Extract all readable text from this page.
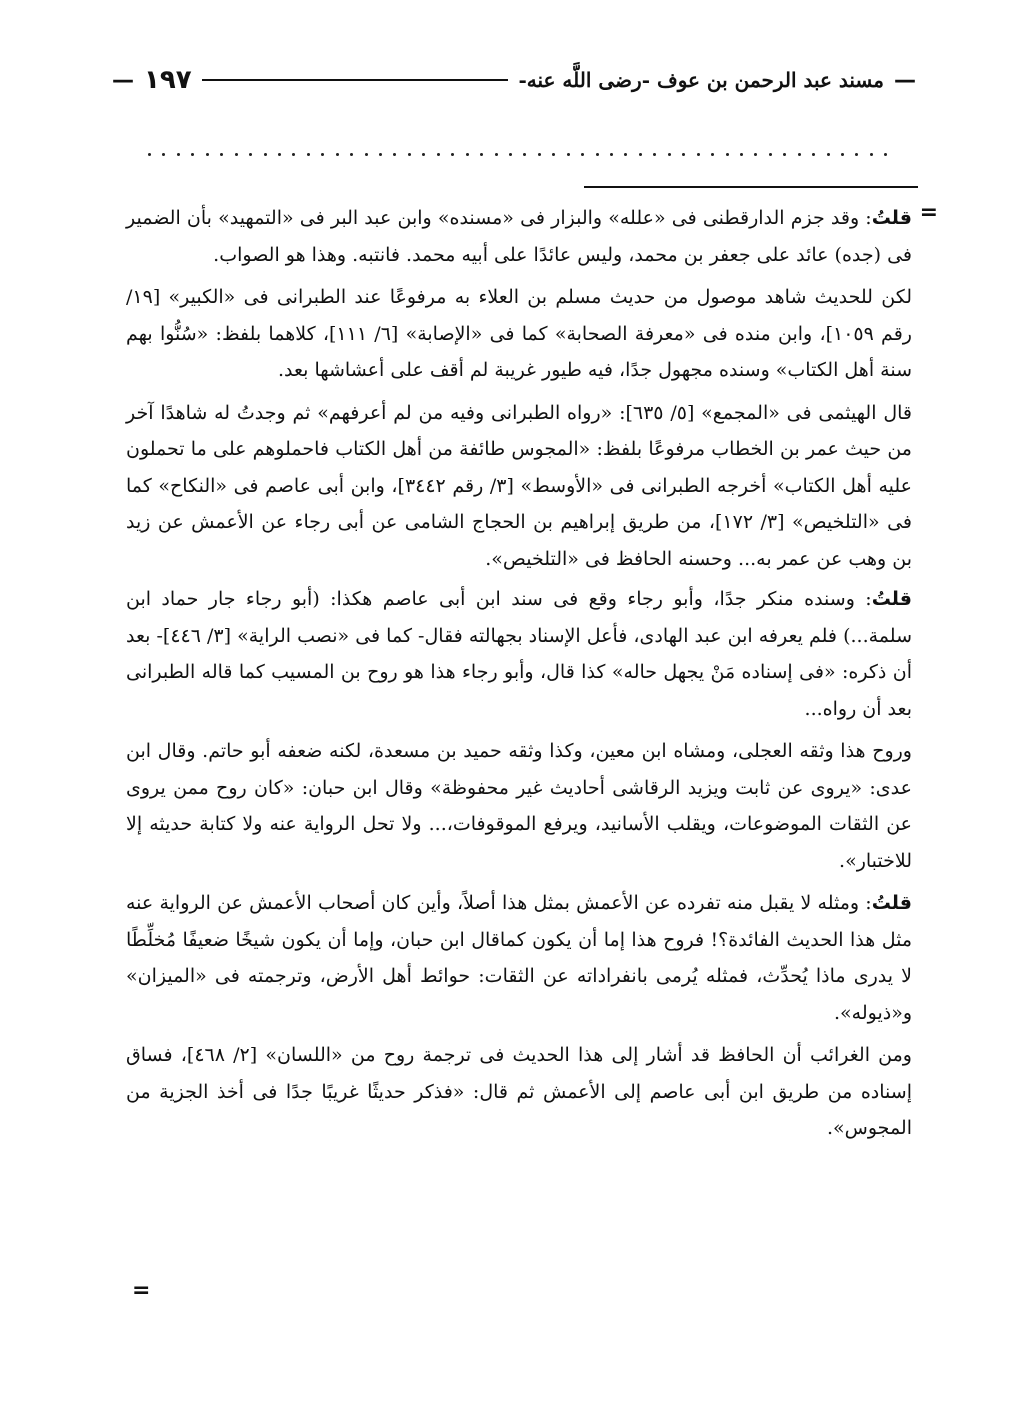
—
مسند عبد الرحمن بن عوف -رضى اللَّه عنه-
١٩٧
—
=

قلتُ: وقد جزم الدارقطنى فى «علله» والبزار فى «مسنده» وابن عبد البر فى «التمهيد» بأن الضمير فى (جده) عائد على جعفر بن محمد، وليس عائدًا على أبيه محمد. فانتبه. وهذا هو الصواب.

لكن للحديث شاهد موصول من حديث مسلم بن العلاء به مرفوعًا عند الطبرانى فى «الكبير» [١٩/ رقم ١٠٥٩]، وابن منده فى «معرفة الصحابة» كما فى «الإصابة» [٦/ ١١١]، كلاهما بلفظ: «سُنُّوا بهم سنة أهل الكتاب» وسنده مجهول جدًا، فيه طيور غريبة لم أقف على أعشاشها بعد.

قال الهيثمى فى «المجمع» [٥/ ٦٣٥]: «رواه الطبرانى وفيه من لم أعرفهم» ثم وجدتُ له شاهدًا آخر من حيث عمر بن الخطاب مرفوعًا بلفظ: «المجوس طائفة من أهل الكتاب فاحملوهم على ما تحملون عليه أهل الكتاب» أخرجه الطبرانى فى «الأوسط» [٣/ رقم ٣٤٤٢]، وابن أبى عاصم فى «النكاح» كما فى «التلخيص» [٣/ ١٧٢]، من طريق إبراهيم بن الحجاج الشامى عن أبى رجاء عن الأعمش عن زيد بن وهب عن عمر به... وحسنه الحافظ فى «التلخيص».

قلتُ: وسنده منكر جدًا، وأبو رجاء وقع فى سند ابن أبى عاصم هكذا: (أبو رجاء جار حماد ابن سلمة...) فلم يعرفه ابن عبد الهادى، فأعل الإسناد بجهالته فقال- كما فى «نصب الراية» [٣/ ٤٤٦]- بعد أن ذكره: «فى إسناده مَنْ يجهل حاله» كذا قال، وأبو رجاء هذا هو روح بن المسيب كما قاله الطبرانى بعد أن رواه...

وروح هذا وثقه العجلى، ومشاه ابن معين، وكذا وثقه حميد بن مسعدة، لكنه ضعفه أبو حاتم. وقال ابن عدى: «يروى عن ثابت ويزيد الرقاشى أحاديث غير محفوظة» وقال ابن حبان: «كان روح ممن يروى عن الثقات الموضوعات، ويقلب الأسانيد، ويرفع الموقوفات،... ولا تحل الرواية عنه ولا كتابة حديثه إلا للاختبار».

قلتُ: ومثله لا يقبل منه تفرده عن الأعمش بمثل هذا أصلاً، وأين كان أصحاب الأعمش عن الرواية عنه مثل هذا الحديث الفائدة؟! فروح هذا إما أن يكون كماقال ابن حبان، وإما أن يكون شيخًا ضعيفًا مُخلِّطًا لا يدرى ماذا يُحدِّث، فمثله يُرمى بانفراداته عن الثقات: حوائط أهل الأرض، وترجمته فى «الميزان» و«ذيوله».

ومن الغرائب أن الحافظ قد أشار إلى هذا الحديث فى ترجمة روح من «اللسان» [٢/ ٤٦٨]، فساق إسناده من طريق ابن أبى عاصم إلى الأعمش ثم قال: «فذكر حديثًا غريبًا جدًا فى أخذ الجزية من المجوس».

=
